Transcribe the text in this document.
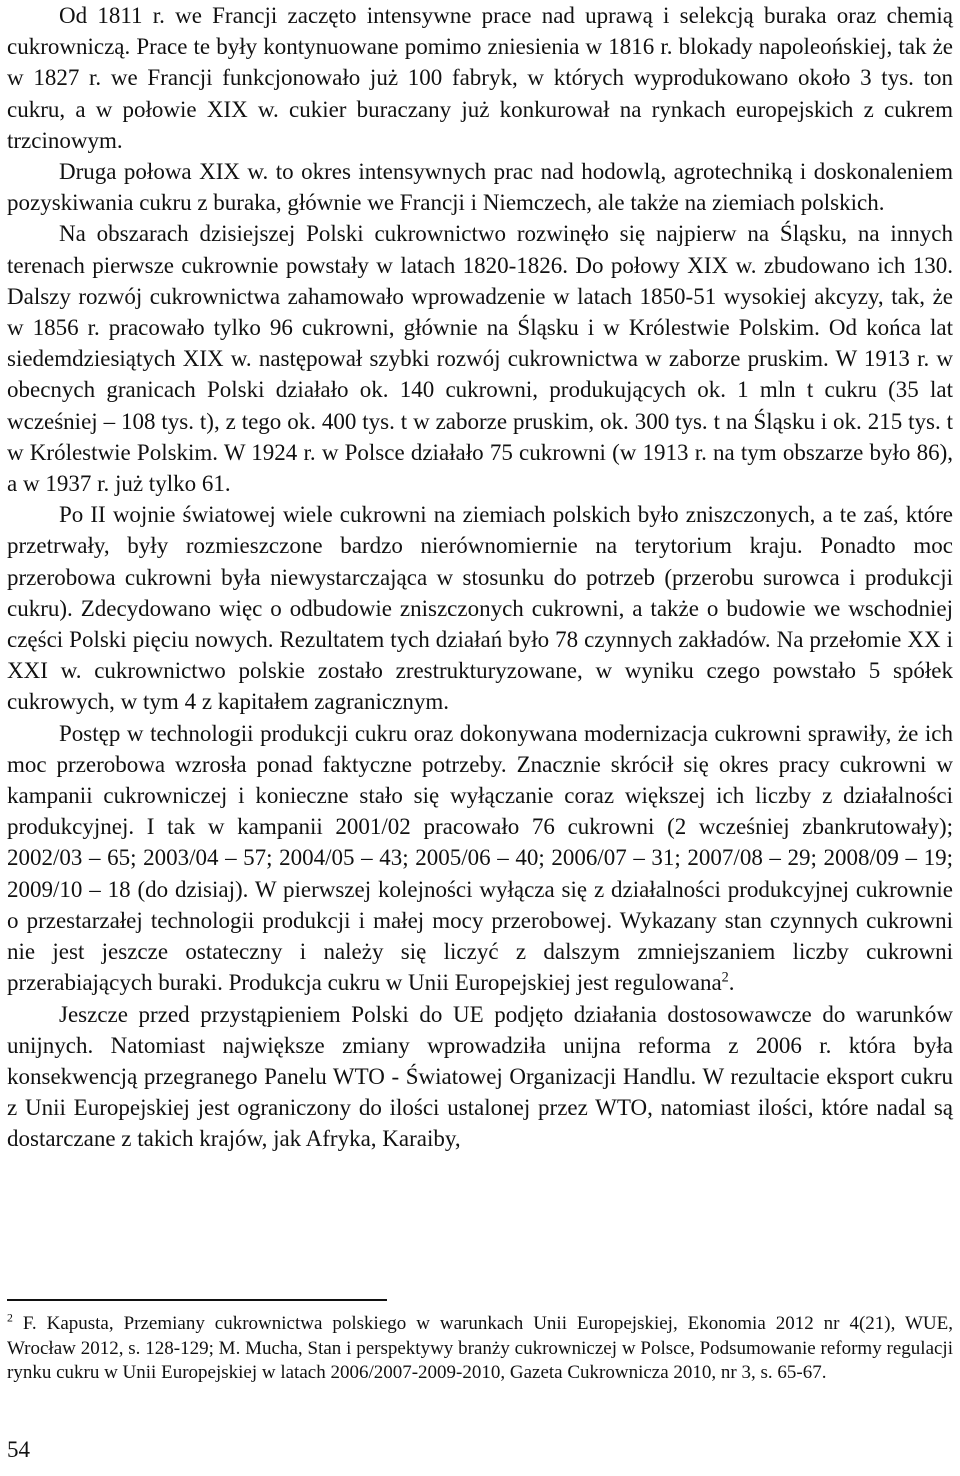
Od 1811 r. we Francji zaczęto intensywne prace nad uprawą i selekcją buraka oraz chemią cukrowniczą. Prace te były kontynuowane pomimo zniesienia w 1816 r. blokady napoleońskiej, tak że w 1827 r. we Francji funkcjonowało już 100 fabryk, w których wyprodukowano około 3 tys. ton cukru, a w połowie XIX w. cukier buraczany już konkurował na rynkach europejskich z cukrem trzcinowym.

Druga połowa XIX w. to okres intensywnych prac nad hodowlą, agrotechniką i doskonaleniem pozyskiwania cukru z buraka, głównie we Francji i Niemczech, ale także na ziemiach polskich.

Na obszarach dzisiejszej Polski cukrownictwo rozwinęło się najpierw na Śląsku, na innych terenach pierwsze cukrownie powstały w latach 1820-1826. Do połowy XIX w. zbudowano ich 130. Dalszy rozwój cukrownictwa zahamowało wprowadzenie w latach 1850-51 wysokiej akcyzy, tak, że w 1856 r. pracowało tylko 96 cukrowni, głównie na Śląsku i w Królestwie Polskim. Od końca lat siedemdziesiątych XIX w. następował szybki rozwój cukrownictwa w zaborze pruskim. W 1913 r. w obecnych granicach Polski działało ok. 140 cukrowni, produkujących ok. 1 mln t cukru (35 lat wcześniej – 108 tys. t), z tego ok. 400 tys. t w zaborze pruskim, ok. 300 tys. t na Śląsku i ok. 215 tys. t w Królestwie Polskim. W 1924 r. w Polsce działało 75 cukrowni (w 1913 r. na tym obszarze było 86), a w 1937 r. już tylko 61.

Po II wojnie światowej wiele cukrowni na ziemiach polskich było zniszczonych, a te zaś, które przetrwały, były rozmieszczone bardzo nierównomiernie na terytorium kraju. Ponadto moc przerobowa cukrowni była niewystarczająca w stosunku do potrzeb (przerobu surowca i produkcji cukru). Zdecydowano więc o odbudowie zniszczonych cukrowni, a także o budowie we wschodniej części Polski pięciu nowych. Rezultatem tych działań było 78 czynnych zakładów. Na przełomie XX i XXI w. cukrownictwo polskie zostało zrestrukturyzowane, w wyniku czego powstało 5 spółek cukrowych, w tym 4 z kapitałem zagranicznym.

Postęp w technologii produkcji cukru oraz dokonywana modernizacja cukrowni sprawiły, że ich moc przerobowa wzrosła ponad faktyczne potrzeby. Znacznie skrócił się okres pracy cukrowni w kampanii cukrowniczej i konieczne stało się wyłączanie coraz większej ich liczby z działalności produkcyjnej. I tak w kampanii 2001/02 pracowało 76 cukrowni (2 wcześniej zbankrutowały); 2002/03 – 65; 2003/04 – 57; 2004/05 – 43; 2005/06 – 40; 2006/07 – 31; 2007/08 – 29; 2008/09 – 19; 2009/10 – 18 (do dzisiaj). W pierwszej kolejności wyłącza się z działalności produkcyjnej cukrownie o przestarzałej technologii produkcji i małej mocy przerobowej. Wykazany stan czynnych cukrowni nie jest jeszcze ostateczny i należy się liczyć z dalszym zmniejszaniem liczby cukrowni przerabiających buraki. Produkcja cukru w Unii Europejskiej jest regulowana$^2$.

Jeszcze przed przystąpieniem Polski do UE podjęto działania dostosowawcze do warunków unijnych. Natomiast największe zmiany wprowadziła unijna reforma z 2006 r. która była konsekwencją przegranego Panelu WTO - Światowej Organizacji Handlu. W rezultacie eksport cukru z Unii Europejskiej jest ograniczony do ilości ustalonej przez WTO, natomiast ilości, które nadal są dostarczane z takich krajów, jak Afryka, Karaiby,

$^2$ F. Kapusta, Przemiany cukrownictwa polskiego w warunkach Unii Europejskiej, Ekonomia 2012 nr 4(21), WUE, Wrocław 2012, s. 128-129; M. Mucha, Stan i perspektywy branży cukrowniczej w Polsce, Podsumowanie reformy regulacji rynku cukru w Unii Europejskiej w latach 2006/2007-2009-2010, Gazeta Cukrownicza 2010, nr 3, s. 65-67.

54
